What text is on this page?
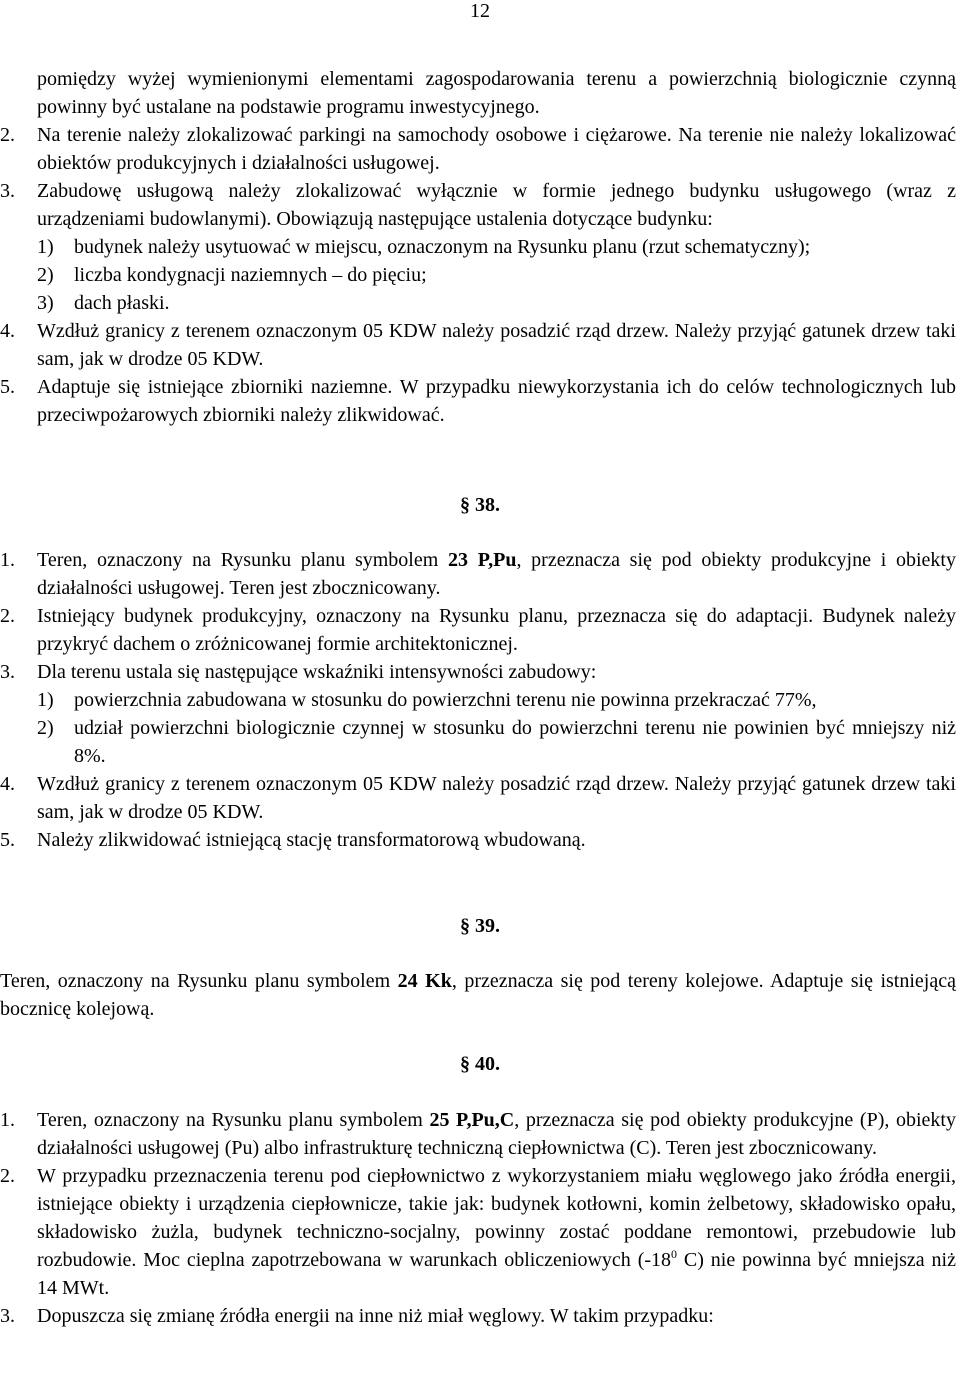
12
pomiędzy wyżej wymienionymi elementami zagospodarowania terenu a powierzchnią biologicznie czynną powinny być ustalane na podstawie programu inwestycyjnego.
2. Na terenie należy zlokalizować parkingi na samochody osobowe i ciężarowe. Na terenie nie należy lokalizować obiektów produkcyjnych i działalności usługowej.
3. Zabudowę usługową należy zlokalizować wyłącznie w formie jednego budynku usługowego (wraz z urządzeniami budowlanymi). Obowiązują następujące ustalenia dotyczące budynku:
1) budynek należy usytuować w miejscu, oznaczonym na Rysunku planu (rzut schematyczny);
2) liczba kondygnacji naziemnych – do pięciu;
3) dach płaski.
4. Wzdłuż granicy z terenem oznaczonym 05 KDW należy posadzić rząd drzew. Należy przyjąć gatunek drzew taki sam, jak w drodze 05 KDW.
5. Adaptuje się istniejące zbiorniki naziemne. W przypadku niewykorzystania ich do celów technologicznych lub przeciwpożarowych zbiorniki należy zlikwidować.
§ 38.
1. Teren, oznaczony na Rysunku planu symbolem 23 P,Pu, przeznacza się pod obiekty produkcyjne i obiekty działalności usługowej. Teren jest zbocznicowany.
2. Istniejący budynek produkcyjny, oznaczony na Rysunku planu, przeznacza się do adaptacji. Budynek należy przykryć dachem o zróżnicowanej formie architektonicznej.
3. Dla terenu ustala się następujące wskaźniki intensywności zabudowy:
1) powierzchnia zabudowana w stosunku do powierzchni terenu nie powinna przekraczać 77%,
2) udział powierzchni biologicznie czynnej w stosunku do powierzchni terenu nie powinien być mniejszy niż 8%.
4. Wzdłuż granicy z terenem oznaczonym 05 KDW należy posadzić rząd drzew. Należy przyjąć gatunek drzew taki sam, jak w drodze 05 KDW.
5. Należy zlikwidować istniejącą stację transformatorową wbudowaną.
§ 39.
Teren, oznaczony na Rysunku planu symbolem 24 Kk, przeznacza się pod tereny kolejowe. Adaptuje się istniejącą bocznicę kolejową.
§ 40.
1. Teren, oznaczony na Rysunku planu symbolem 25 P,Pu,C, przeznacza się pod obiekty produkcyjne (P), obiekty działalności usługowej (Pu) albo infrastrukturę techniczną ciepłownictwa (C). Teren jest zbocznicowany.
2. W przypadku przeznaczenia terenu pod ciepłownictwo z wykorzystaniem miału węglowego jako źródła energii, istniejące obiekty i urządzenia ciepłownicze, takie jak: budynek kotłowni, komin żelbetowy, składowisko opału, składowisko żużla, budynek techniczno-socjalny, powinny zostać poddane remontowi, przebudowie lub rozbudowie. Moc cieplna zapotrzebowana w warunkach obliczeniowych ($-18^0$ C) nie powinna być mniejsza niż 14 MWt.
3. Dopuszcza się zmianę źródła energii na inne niż miał węglowy. W takim przypadku:
